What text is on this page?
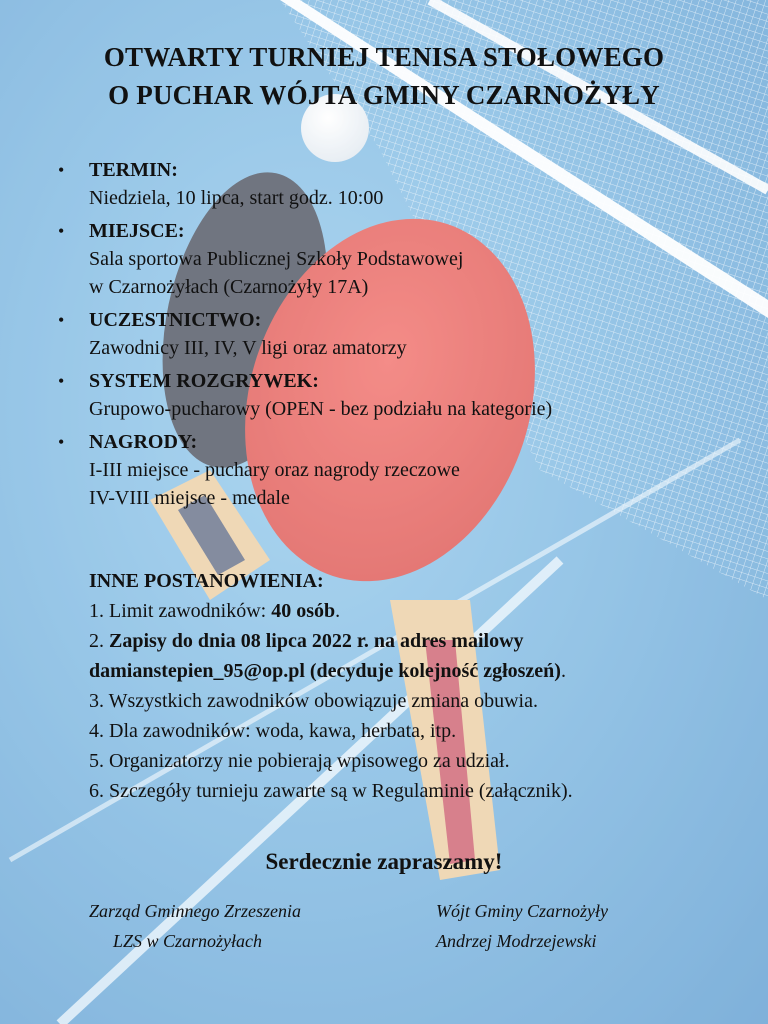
OTWARTY TURNIEJ TENISA STOŁOWEGO
O PUCHAR WÓJTA GMINY CZARNOŻYŁY
• TERMIN:
Niedziela, 10 lipca, start godz. 10:00
• MIEJSCE:
Sala sportowa Publicznej Szkoły Podstawowej
w Czarnożyłach (Czarnożyły 17A)
• UCZESTNICTWO:
Zawodnicy III, IV, V ligi oraz amatorzy
• SYSTEM ROZGRYWEK:
Grupowo-pucharowy (OPEN - bez podziału na kategorie)
• NAGRODY:
I-III miejsce - puchary oraz nagrody rzeczowe
IV-VIII miejsce - medale
INNE POSTANOWIENIA:
1. Limit zawodników: 40 osób.
2. Zapisy do dnia 08 lipca 2022 r. na adres mailowy
damianstepien_95@op.pl (decyduje kolejność zgłoszeń).
3. Wszystkich zawodników obowiązuje zmiana obuwia.
4. Dla zawodników: woda, kawa, herbata, itp.
5. Organizatorzy nie pobierają wpisowego za udział.
6. Szczegóły turnieju zawarte są w Regulaminie (załącznik).
Serdecznie zapraszamy!
Zarząd Gminnego Zrzeszenia
LZS w Czarnożyłach
Wójt Gminy Czarnożyły
Andrzej Modrzejewski
